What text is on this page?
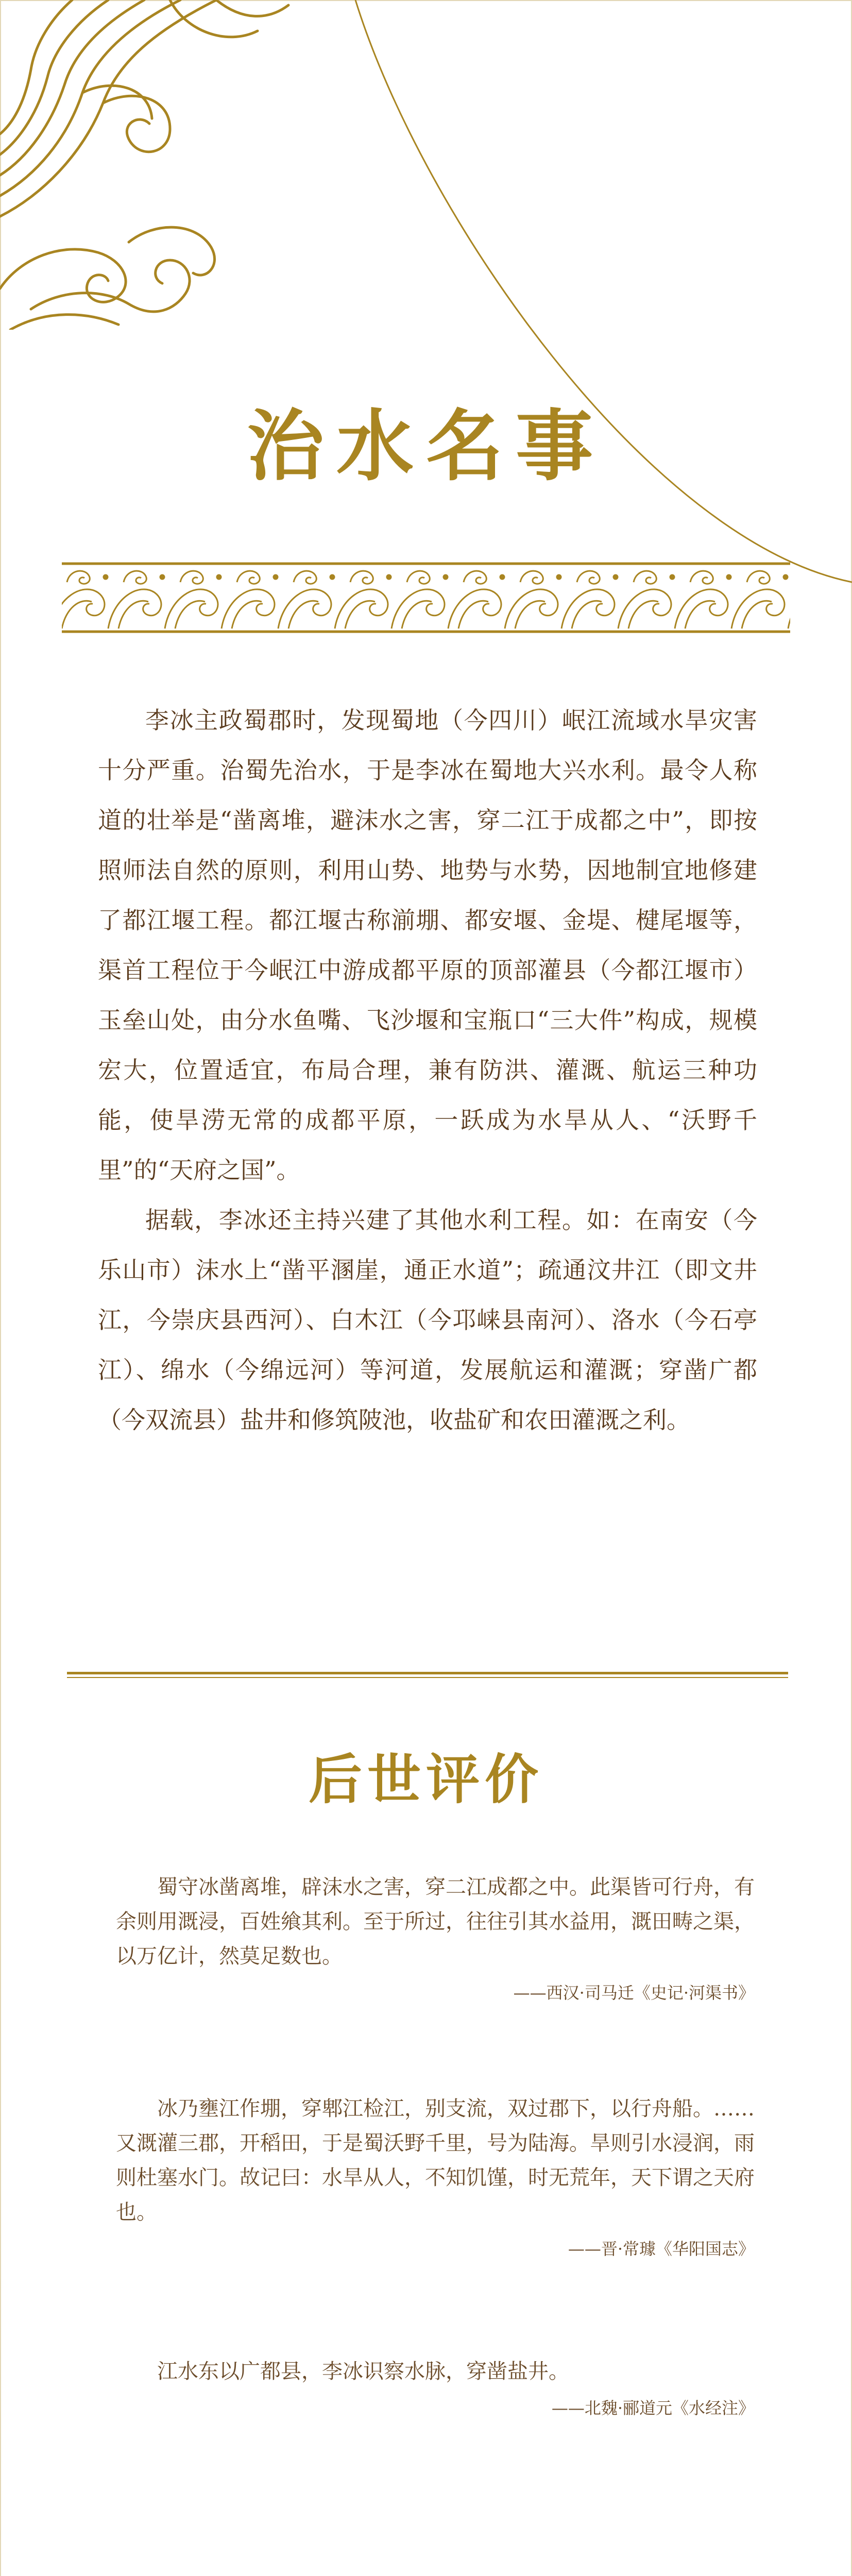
治水名事

李冰主政蜀郡时，发现蜀地（今四川）岷江流域水旱灾害十分严重。治蜀先治水，于是李冰在蜀地大兴水利。最令人称道的壮举是“凿离堆，避沫水之害，穿二江于成都之中”，即按照师法自然的原则，利用山势、地势与水势，因地制宜地修建了都江堰工程。都江堰古称湔堋、都安堰、金堤、楗尾堰等，渠首工程位于今岷江中游成都平原的顶部灌县（今都江堰市）玉垒山处，由分水鱼嘴、飞沙堰和宝瓶口“三大件”构成，规模宏大，位置适宜，布局合理，兼有防洪、灌溉、航运三种功能，使旱涝无常的成都平原，一跃成为水旱从人、“沃野千里”的“天府之国”。

据载，李冰还主持兴建了其他水利工程。如：在南安（今乐山市）沫水上“凿平溷崖，通正水道”；疏通汶井江（即文井江，今崇庆县西河）、白木江（今邛崃县南河）、洛水（今石亭江）、绵水（今绵远河）等河道，发展航运和灌溉；穿凿广都（今双流县）盐井和修筑陂池，收盐矿和农田灌溉之利。

后世评价

蜀守冰凿离堆，辟沫水之害，穿二江成都之中。此渠皆可行舟，有余则用溉浸，百姓飨其利。至于所过，往往引其水益用，溉田畴之渠，以万亿计，然莫足数也。

——西汉·司马迁《史记·河渠书》

冰乃壅江作堋，穿郫江检江，别支流，双过郡下，以行舟船。……又溉灌三郡，开稻田，于是蜀沃野千里，号为陆海。旱则引水浸润，雨则杜塞水门。故记曰：水旱从人，不知饥馑，时无荒年，天下谓之天府也。

——晋·常璩《华阳国志》

江水东以广都县，李冰识察水脉，穿凿盐井。

——北魏·郦道元《水经注》
